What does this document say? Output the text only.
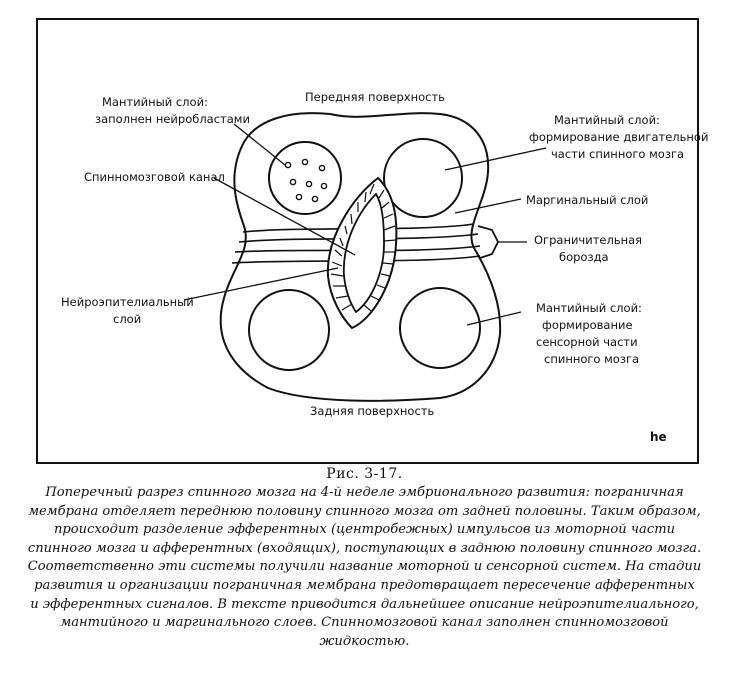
Мантийный слой: заполнен нейробластами
Передняя поверхность
Мантийный слой: формирование двигательной части спинного мозга
Спинномозговой канал
Маргинальный слой
Ограничительная борозда
Нейроэпителиальный слой
Мантийный слой: формирование сенсорной части спинного мозга
Задняя поверхность
he
Рис. 3-17.
Поперечный разрез спинного мозга на 4-й неделе эмбрионального развития: пограничная
мембрана отделяет переднюю половину спинного мозга от задней половины. Таким образом,
происходит разделение эфферентных (центробежных) импульсов из моторной части
спинного мозга и афферентных (входящих), поступающих в заднюю половину спинного мозга.
Соответственно эти системы получили название моторной и сенсорной систем. На стадии
развития и организации пограничная мембрана предотвращает пересечение афферентных
и эфферентных сигналов. В тексте приводится дальнейшее описание нейроэпителиального,
мантийного и маргинального слоев. Спинномозговой канал заполнен спинномозговой
жидкостью.
